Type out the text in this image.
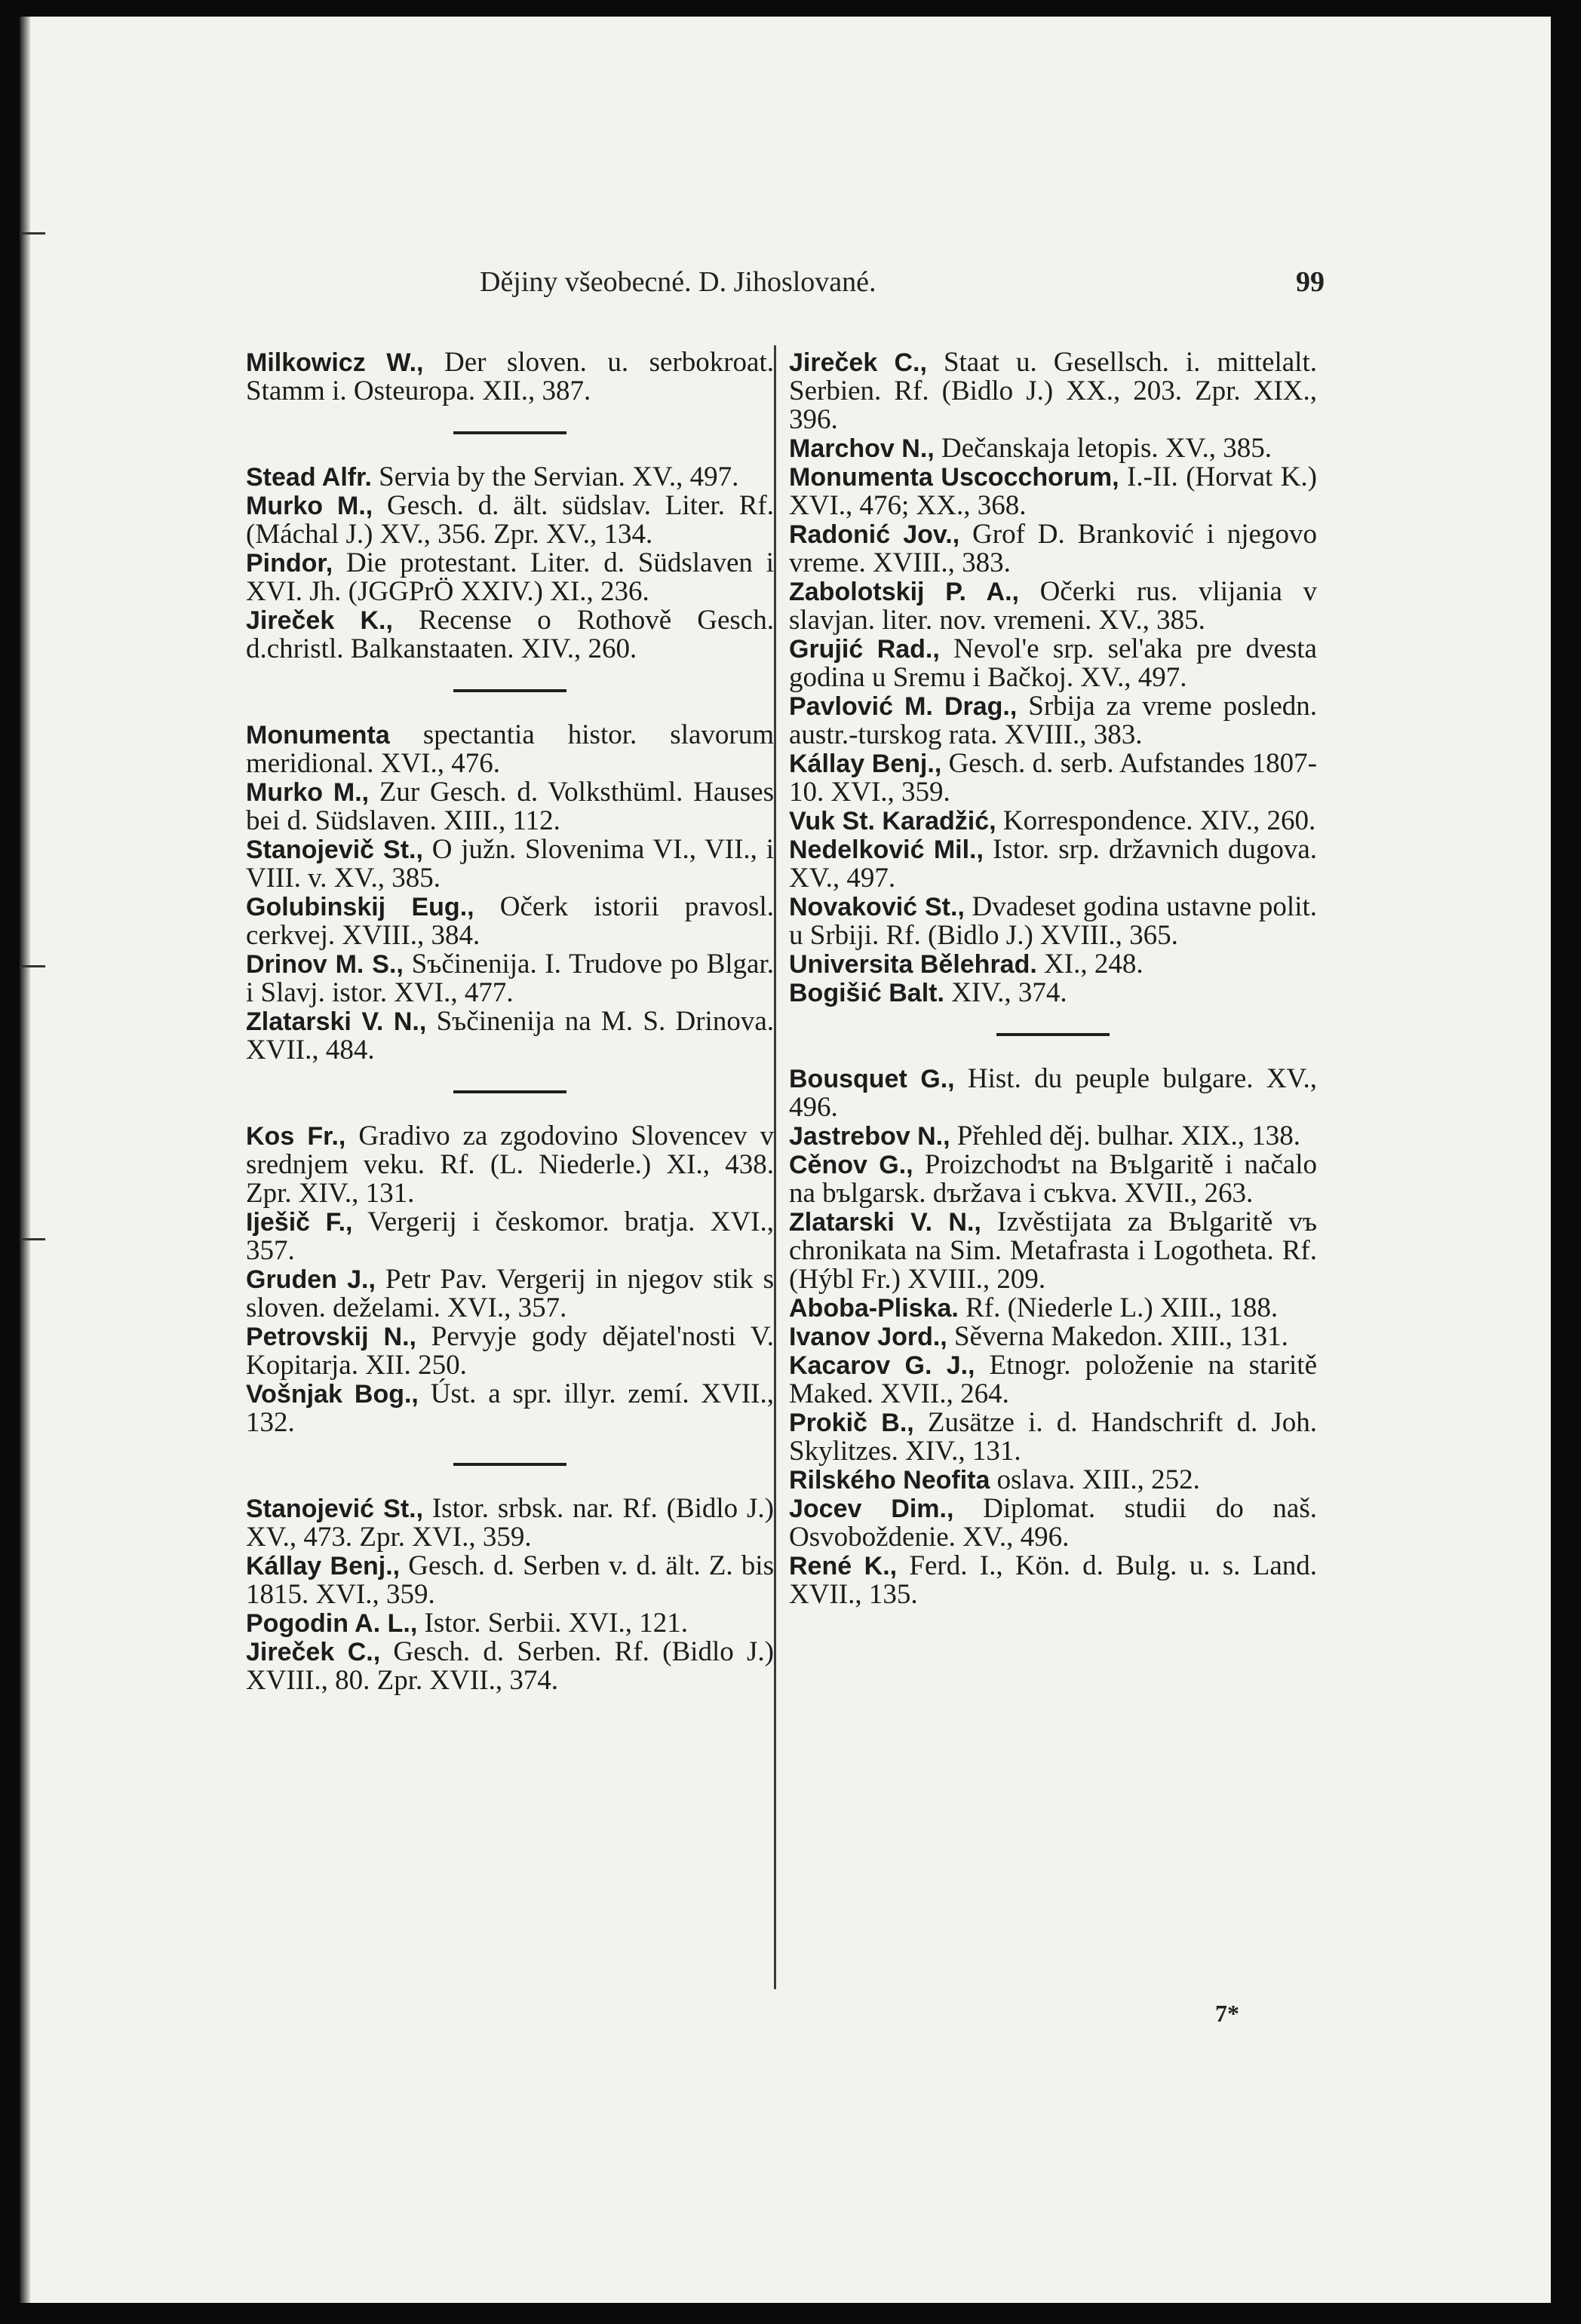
Dějiny všeobecné. D. Jihoslované.	99

Milkowicz W., Der sloven. u. serbokroat. Stamm i. Osteuropa. XII., 387.

Stead Alfr. Servia by the Servian. XV., 497.

Murko M., Gesch. d. ält. südslav. Liter. Rf. (Máchal J.) XV., 356. Zpr. XV., 134.

Pindor, Die protestant. Liter. d. Südslaven i XVI. Jh. (JGGPrÖ XXIV.) XI., 236.

Jireček K., Recense o Rothově Gesch. d.christl. Balkanstaaten. XIV., 260.

Monumenta spectantia histor. slavorum meridional. XVI., 476.

Murko M., Zur Gesch. d. Volksthüml. Hauses bei d. Südslaven. XIII., 112.

Stanojevič St., O južn. Slovenima VI., VII., i VIII. v. XV., 385.

Golubinskij Eug., Očerk istorii pravosl. cerkvej. XVIII., 384.

Drinov M. S., Sъčinenija. I. Trudove po Blgar. i Slavj. istor. XVI., 477.

Zlatarski V. N., Sъčinenija na M. S. Drinova. XVII., 484.

Kos Fr., Gradivo za zgodovino Slovencev v srednjem veku. Rf. (L. Niederle.) XI., 438. Zpr. XIV., 131.

Iješič F., Vergerij i českomor. bratja. XVI., 357.

Gruden J., Petr Pav. Vergerij in njegov stik s sloven. deželami. XVI., 357.

Petrovskij N., Pervyje gody dějatel'nosti V. Kopitarja. XII. 250.

Vošnjak Bog., Úst. a spr. illyr. zemí. XVII., 132.

Stanojević St., Istor. srbsk. nar. Rf. (Bidlo J.) XV., 473. Zpr. XVI., 359.

Kállay Benj., Gesch. d. Serben v. d. ält. Z. bis 1815. XVI., 359.

Pogodin A. L., Istor. Serbii. XVI., 121.

Jireček C., Gesch. d. Serben. Rf. (Bidlo J.) XVIII., 80. Zpr. XVII., 374.

Jireček C., Staat u. Gesellsch. i. mittelalt. Serbien. Rf. (Bidlo J.) XX., 203. Zpr. XIX., 396.

Marchov N., Dečanskaja letopis. XV., 385.

Monumenta Uscocchorum, I.-II. (Horvat K.) XVI., 476; XX., 368.

Radonić Jov., Grof D. Branković i njegovo vreme. XVIII., 383.

Zabolotskij P. A., Očerki rus. vlijania v slavjan. liter. nov. vremeni. XV., 385.

Grujić Rad., Nevol'e srp. sel'aka pre dvesta godina u Sremu i Bačkoj. XV., 497.

Pavlović M. Drag., Srbija za vreme posledn. austr.-turskog rata. XVIII., 383.

Kállay Benj., Gesch. d. serb. Aufstandes 1807-10. XVI., 359.

Vuk St. Karadžić, Korrespondence. XIV., 260.

Nedelković Mil., Istor. srp. državnich dugova. XV., 497.

Novaković St., Dvadeset godina ustavne polit. u Srbiji. Rf. (Bidlo J.) XVIII., 365.

Universita Bělehrad. XI., 248.

Bogišić Balt. XIV., 374.

Bousquet G., Hist. du peuple bulgare. XV., 496.

Jastrebov N., Přehled děj. bulhar. XIX., 138.

Cěnov G., Proizchodъt na Bъlgaritě i načalo na bъlgarsk. dъržava i cъkva. XVII., 263.

Zlatarski V. N., Izvěstijata za Bъlgaritě vъ chronikata na Sim. Metafrasta i Logotheta. Rf. (Hýbl Fr.) XVIII., 209.

Aboba-Pliska. Rf. (Niederle L.) XIII., 188.

Ivanov Jord., Sěverna Makedon. XIII., 131.

Kacarov G. J., Etnogr. položenie na staritě Maked. XVII., 264.

Prokič B., Zusätze i. d. Handschrift d. Joh. Skylitzes. XIV., 131.

Rilského Neofita oslava. XIII., 252.

Jocev Dim., Diplomat. studii do naš. Osvoboždenie. XV., 496.

René K., Ferd. I., Kön. d. Bulg. u. s. Land. XVII., 135.

7*
